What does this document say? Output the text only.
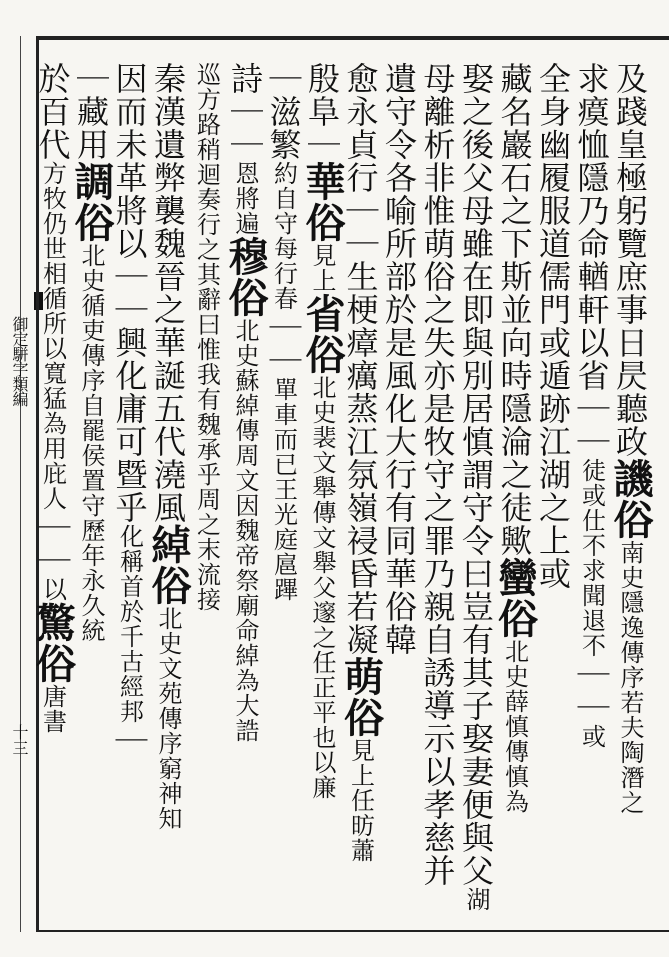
御定駢字類編
十三
及踐皇極躬覽庶事日昃聽政譏俗南史隱逸傳序若夫陶潛之
求瘼恤隱乃命輶軒以省｜｜徒或仕不求聞退不｜｜或
全身幽履服道儒門或遁跡江湖之上或
藏名巖石之下斯並向時隱淪之徒歟蠻俗北史薛慎傳慎為
娶之後父母雖在即與別居慎謂守令曰豈有其子娶妻便與父湖
母離析非惟萌俗之失亦是牧守之罪乃親自誘導示以孝慈并
遺守令各喻所部於是風化大行有同華俗韓
愈永貞行｜｜生梗瘴癘蒸江氛嶺祲昏若凝萌俗見上任昉蕭
殷阜｜華俗見上省俗北史裴文舉傳文舉父邃之任正平也以廉
｜滋繁約自守每行春｜｜單車而已王光庭扈蹕
詩｜｜恩將遍穆俗北史蘇綽傳周文因魏帝祭廟命綽為大誥
巡方路稍迴奏行之其辭曰惟我有魏承乎周之末流接
秦漢遺弊襲魏晉之華誕五代澆風綽俗北史文苑傳序窮神知
因而未革將以｜｜興化庸可暨乎化稱首於千古經邦｜
｜藏用調俗北史循吏傳序自罷侯置守歷年永久統
於百代方牧仍世相循所以寬猛為用庇人｜｜以驚俗唐書
